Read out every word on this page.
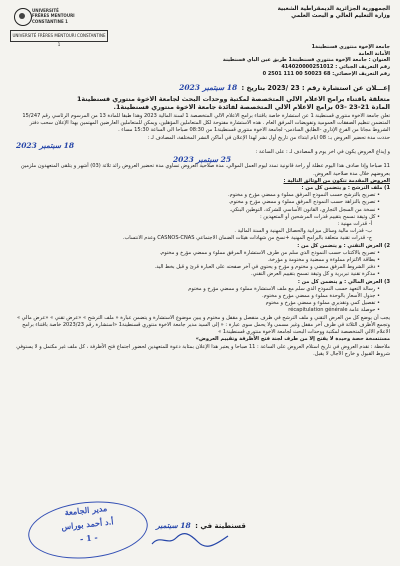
الجمهورية الجزائرية الديمقراطية الشعبية
وزارة التعليم العالي و البحث العلمي
UNIVERSITÉ
FRÈRES MENTOURI
CONSTANTINE 1
UNIVERSITÉ FRÈRES MENTOURI CONSTANTINE 1	جامعة الإخوة منتوري قسنطينة1
الأمانة العامة
العنوان : جامعة الإخوة منتوري قسنطينة1 طريق عين الباي قسنطينة
رقم التعريف الجبائي : 414020000251012
رقم التعريف الإحصائي: 68 50023 00 111 2501 0
إعـــلان عن استشارة رقم : 23 /2023 بتاريخ : 18 سبتمبر 2023
متعلقة باقتناء برامج الاعلام الالي المتخصصة لمكتبة ووحدات البحث لجامعة الاخوة منتوري قسنطينة1
المادة 21-23 -03 برامج الاعلام الالي المتخصصة لفائدة جامعة الاخوة منتوري قسنطينة1.

تعلن جامعة الاخوة منتوري قسنطينة 1 عن استشارة خاصة باقتناء برامج الاعلام الالي المتخصصة 1 لسنة المالية 2023 وهذا طبقا للمادة 13 من المرسوم الرئاسي رقم 15/247 المتضمن تنظيم الصفقات العمومية وتفويضات المرفق العام . هذه الاستشارة مفتوحة لكل المتعاملين المؤهلين، ويمكن للمتعاملين العارضين المهتمين بهذا الإعلان سحب دفتر الشروط مجانا من الفرع الإداري -الطابق السادس- لجامعة الاخوة منتوري قسنطينة1 من 08:30 صباحا الى الساعة 15:30 مساء .

حددت مدة تحضير العروض بـ: 08 ايام ابتداء من تاريخ أول نشر لهذا الإعلان في أماكن النشر المختلفة، المصادف لـ :

18 سبتمبر 2023

و إيداع العروض يكون في اخر يوم و المصادف لـ : على الساعة :

25 سبتمبر 2023

11 صباحا وإذا صادف هذا اليوم عطلة أو راحة قانونية تمدد ليوم العمل الموالي. مدة صلاحية العروض تساوي مدة تحضير العروض زائد ثلاثة (03) أشهر و يتلقى المتعهدون ملزمين بعروضهم خلال مدة صلاحية العروض.

العروض المقدمة تتكون من الوثائق التالية :

1) ملف الترشح : و يتضمن كل من :

• تصريح بالترشح حسب النموذج المرفق مملوء و ممضي مؤرخ و مختوم.

• تصريح بالنزاهة حسب النموذج المرفق مملوء و ممضي مؤرخ و مختوم.

• نسخة من السجل التجاري، القانون الأساسي للشركة، التوطين البنكي.

• كل وثيقة تسمح بتقييم قدرات المرشحين أو المتعهدين :

أ- قدرات مهنية :

ب- قدرات مالية وسائل ميزانية والحصائل المهنية و السنة المالية .

ج- قدرات تقنية متعلقة بالبرامج المهنية +نسخ من شهادات هيئات الضمان الاجتماعي CASNOS-CNAS وعدم الانتساب.

2) العرض التقني : و يتضمن كل من :

• تصريح بالاكتتاب حسب النموذج الذي سلم من طرف الاستشارة المرفق مملوء و ممضي مؤرخ و مختوم.

• بطاقة الالتزام مملوءة و ممضية و مختومة و مؤرخة.

• دفتر الشروط المرفق ممضي و مختوم و مؤرخ و يحتوي في آخر صفحته على العبارة قرئ و قبل بخط اليد.

• مذكرة تقنية تبريرية و كل وثيقة تسمح بتقييم العرض التقني.

3) العرض المالي : و يتضمن كل من :

• رسالة التعهد حسب النموذج الذي سلم مع ملف الاستشارة مملوء و ممضي مؤرخ و مختوم

• جدول الأسعار بالوحدة مملوء و ممضي مؤرخ و مختوم.

• تفصيل كمي وتقديري مملوء و ممضي مؤرخ و مختوم

• حوصلة عامة récapitulation générale

يجب أن يوضع كل من العرض التقني و ملف الترشح في ظرف منفصل و مقفل و مختوم و يبين موضوع الاستشارة و يتضمن عبارة « ملف الترشح » «عرض تقني » «عرض مالي » وتجمع الأظرف الثلاثة في ظرف آخر مقفل وغير مسمى ولا يحمل سوى عبارة : « إلى السيد مدير جامعة الاخوة منتوري قسنطينة1 «استشارة رقم 2023/23 خاصة باقتناء برامج الاعلام الالي المتخصصة لمكتبة ووحدات البحث لجامعة الاخوة منتوري قسنطينة1 »

مستنسخة حصة وحيدة لا يفتح إلا من طرف لجنة فتح الأظرفة وتقييم العروض»

ملاحظة : تقدم العروض في تاريخ استلام العروض على الساعة : 11 صباحا و يعتبر هذا الإعلان بمثابة دعوة للمتعهدين لحضور اجتماع فتح الأظرفة ، كل ملف غير مكتمل و لا يستوفي شروط القبول و خارج الآجال لا يقبل.

قسنطينة في : 18 سبتمبر
مدير الجامعة
أ.د أحمد بوراس
- 1 -
